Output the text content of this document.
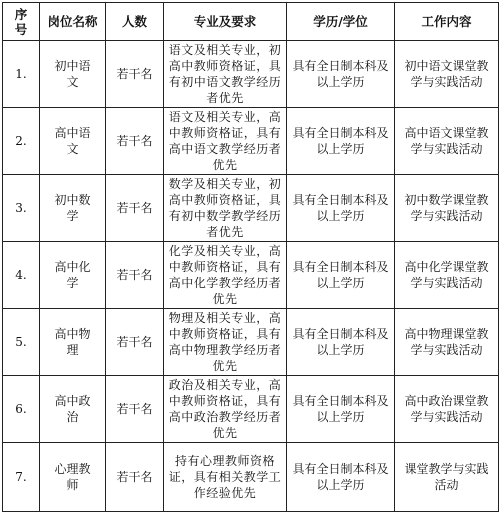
序号	岗位名称	人数	专业及要求	学历/学位	工作内容
1.	初中语文	若干名	语文及相关专业，初高中教师资格证，具有初中语文教学经历者优先	具有全日制本科及以上学历	初中语文课堂教学与实践活动
2.	高中语文	若干名	语文及相关专业，高中教师资格证，具有高中语文教学经历者优先	具有全日制本科及以上学历	高中语文课堂教学与实践活动
3.	初中数学	若干名	数学及相关专业，初高中教师资格证，具有初中数学教学经历者优先	具有全日制本科及以上学历	初中数学课堂教学与实践活动
4.	高中化学	若干名	化学及相关专业，高中教师资格证，具有高中化学教学经历者优先	具有全日制本科及以上学历	高中化学课堂教学与实践活动
5.	高中物理	若干名	物理及相关专业，高中教师资格证，具有高中物理教学经历者优先	具有全日制本科及以上学历	高中物理课堂教学与实践活动
6.	高中政治	若干名	政治及相关专业，高中教师资格证，具有高中政治教学经历者优先	具有全日制本科及以上学历	高中政治课堂教学与实践活动
7.	心理教师	若干名	持有心理教师资格证，具有相关教学工作经验优先	具有全日制本科及以上学历	课堂教学与实践活动
